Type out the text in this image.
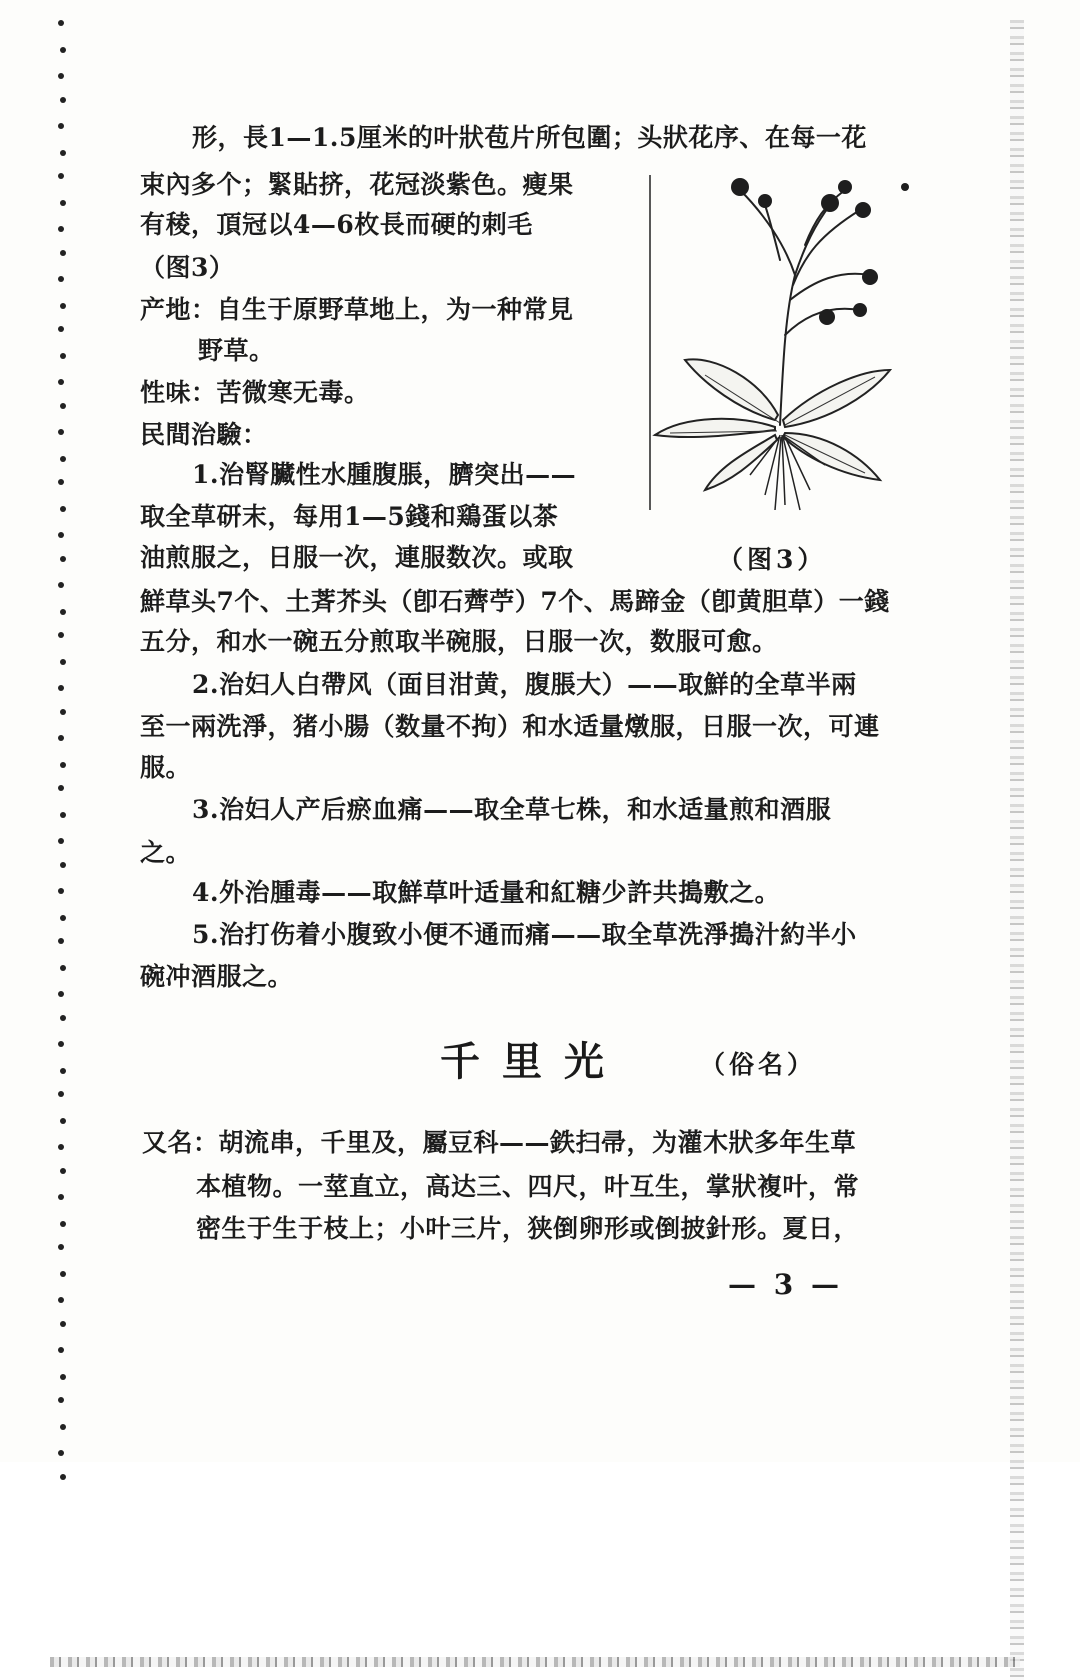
形，長1—1.5厘米的叶狀苞片所包圍；头狀花序、在每一花
束內多个；緊貼挤，花冠淡紫色。瘦果
有稜，頂冠以4—6枚長而硬的刺毛
（图3）
产地：自生于原野草地上，为一种常見
野草。
性味：苦微寒无毒。
民間治驗：
1.治腎臟性水腫腹脹，臍突出——
取全草研末，每用1—5錢和鶏蛋以茶
油煎服之，日服一次，連服数次。或取
鮮草头7个、土萕芥头（卽石薺苧）7个、馬蹄金（卽黄胆草）一錢
五分，和水一碗五分煎取半碗服，日服一次，数服可愈。
2.治妇人白帶风（面目泔黄，腹脹大）——取鮮的全草半兩
至一兩洗淨，猪小腸（数量不拘）和水适量燉服，日服一次，可連
服。
3.治妇人产后瘀血痛——取全草七株，和水适量煎和酒服
之。
4.外治腫毒——取鮮草叶适量和紅糖少許共搗敷之。
5.治打伤着小腹致小便不通而痛——取全草洗淨搗汁約半小
碗冲酒服之。
（图3）
千里光	（俗名）
又名：胡流串，千里及，屬豆科——鉄扫帚，为灌木狀多年生草
本植物。一莖直立，高达三、四尺，叶互生，掌狀複叶，常
密生于生于枝上；小叶三片，狭倒卵形或倒披針形。夏日，
— 3 —
